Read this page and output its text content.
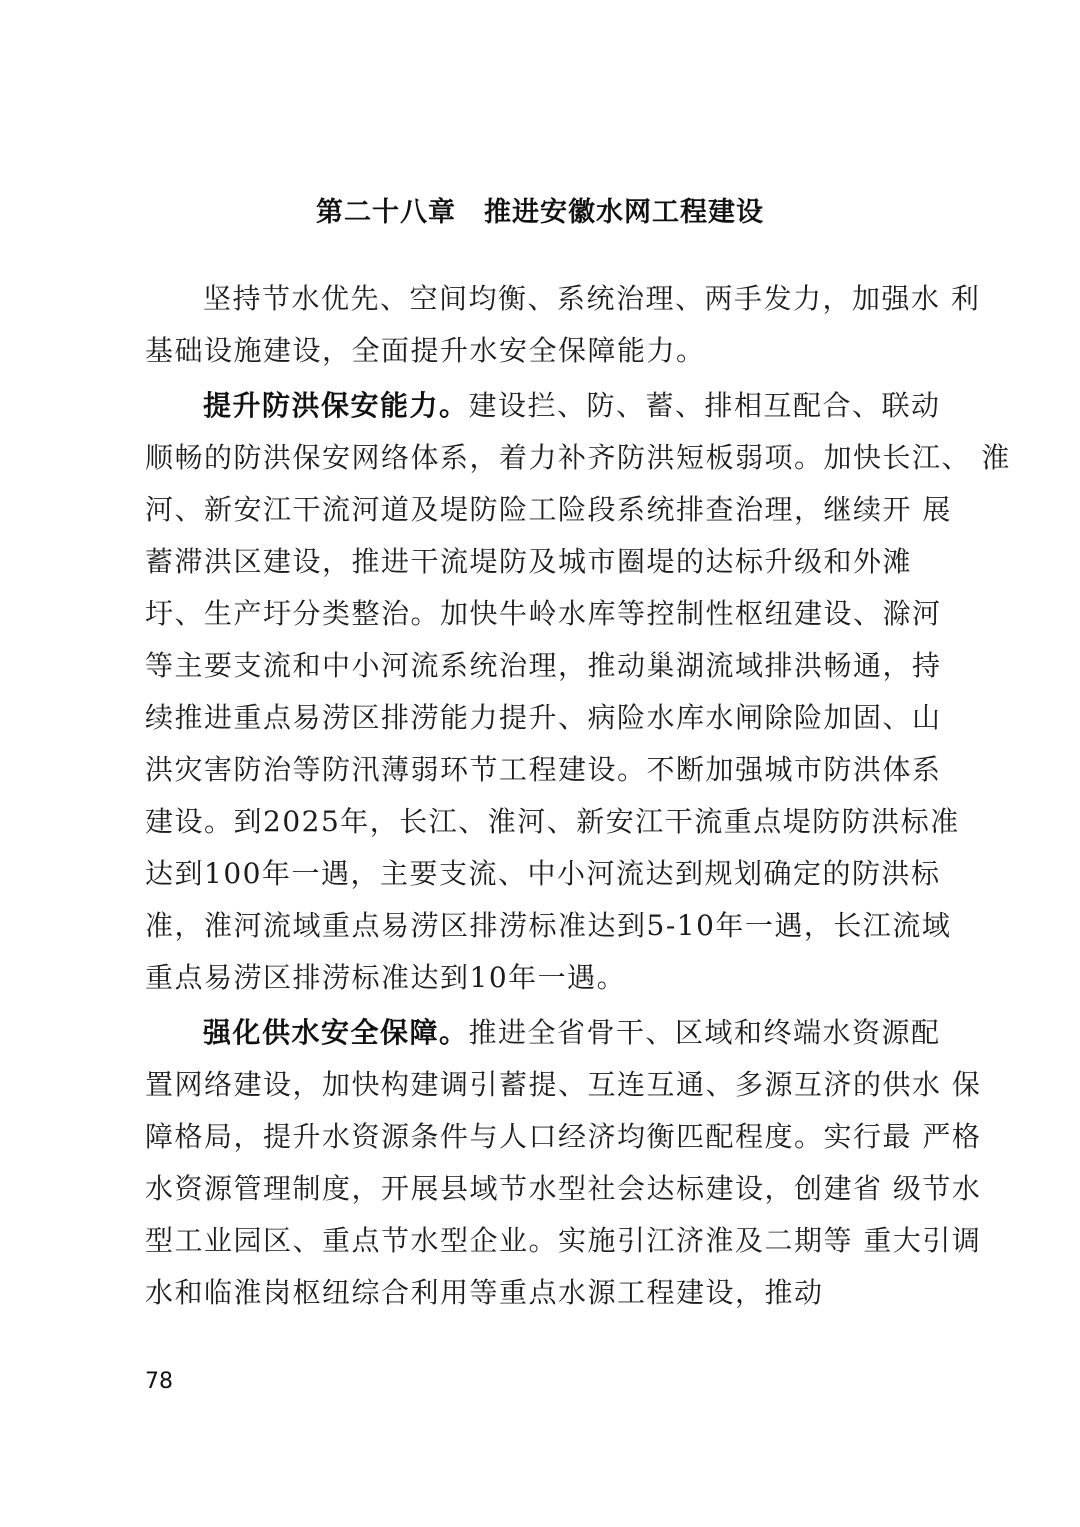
第二十八章　推进安徽水网工程建设
坚持节水优先、空间均衡、系统治理、两手发力，加强水 利
基础设施建设，全面提升水安全保障能力。
提升防洪保安能力。建设拦、防、蓄、排相互配合、联动
顺畅的防洪保安网络体系，着力补齐防洪短板弱项。加快长江、 淮
河、新安江干流河道及堤防险工险段系统排查治理，继续开 展
蓄滞洪区建设，推进干流堤防及城市圈堤的达标升级和外滩
圩、生产圩分类整治。加快牛岭水库等控制性枢纽建设、滁河
等主要支流和中小河流系统治理，推动巢湖流域排洪畅通，持
续推进重点易涝区排涝能力提升、病险水库水闸除险加固、山
洪灾害防治等防汛薄弱环节工程建设。不断加强城市防洪体系
建设。到2025年，长江、淮河、新安江干流重点堤防防洪标准
达到100年一遇，主要支流、中小河流达到规划确定的防洪标
准，淮河流域重点易涝区排涝标准达到5-10年一遇，长江流域
重点易涝区排涝标准达到10年一遇。
强化供水安全保障。推进全省骨干、区域和终端水资源配
置网络建设，加快构建调引蓄提、互连互通、多源互济的供水 保
障格局，提升水资源条件与人口经济均衡匹配程度。实行最 严格
水资源管理制度，开展县域节水型社会达标建设，创建省 级节水
型工业园区、重点节水型企业。实施引江济淮及二期等 重大引调
水和临淮岗枢纽综合利用等重点水源工程建设，推动
78
